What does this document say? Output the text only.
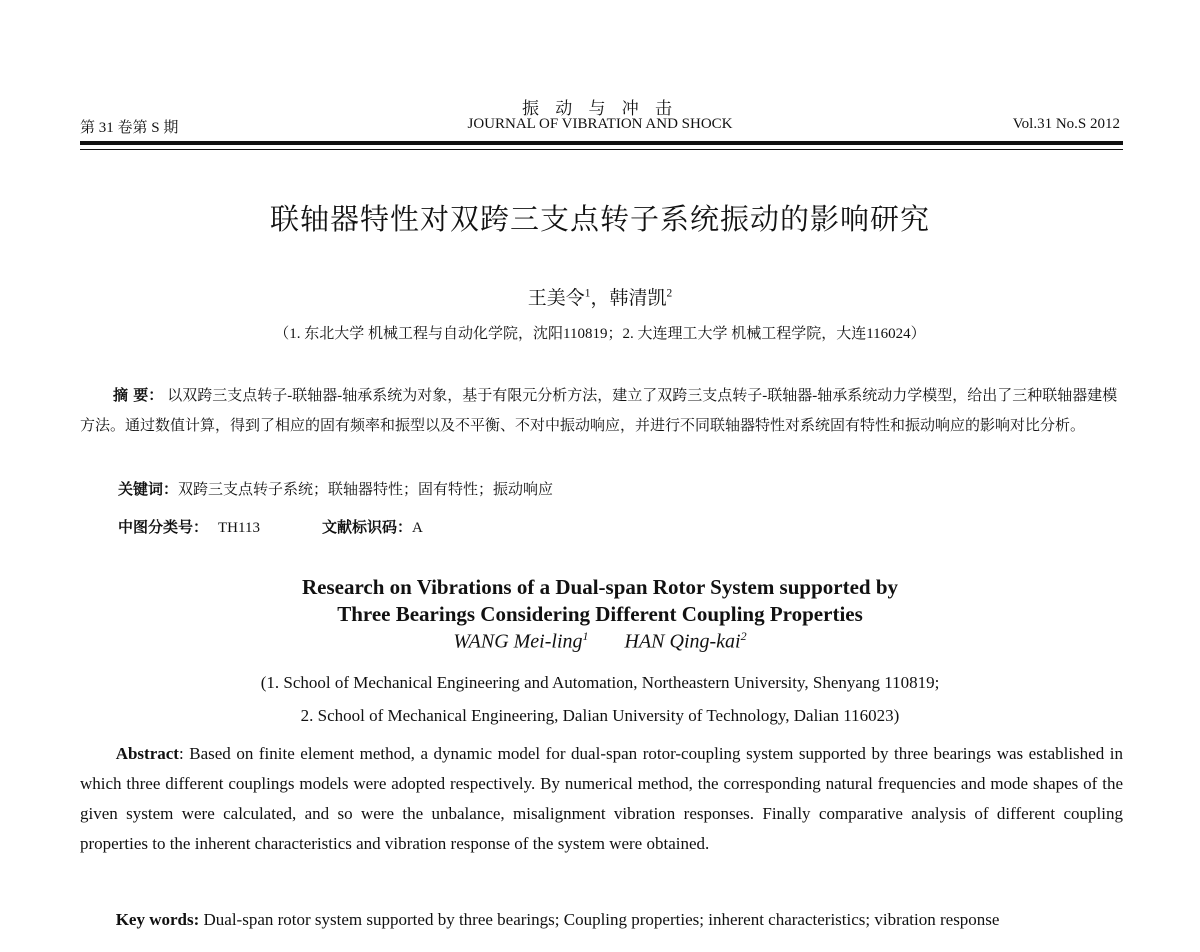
第 31 卷第 S 期
振 动 与 冲 击
JOURNAL OF VIBRATION AND SHOCK	Vol.31 No.S 2012
联轴器特性对双跨三支点转子系统振动的影响研究
王美令$^1$，韩清凯$^2$
（1. 东北大学 机械工程与自动化学院，沈阳110819；2. 大连理工大学 机械工程学院，大连116024）
摘 要： 以双跨三支点转子-联轴器-轴承系统为对象，基于有限元分析方法，建立了双跨三支点转子-联轴器-轴承系统动力学模型，给出了三种联轴器建模方法。通过数值计算，得到了相应的固有频率和振型以及不平衡、不对中振动响应，并进行不同联轴器特性对系统固有特性和振动响应的影响对比分析。
关键词：双跨三支点转子系统；联轴器特性；固有特性；振动响应
中图分类号： TH113	文献标识码：A
Research on Vibrations of a Dual-span Rotor System supported by
Three Bearings Considering Different Coupling Properties
WANG Mei-ling$^1$ HAN Qing-kai$^2$
(1. School of Mechanical Engineering and Automation, Northeastern University, Shenyang 110819;
2. School of Mechanical Engineering, Dalian University of Technology, Dalian 116023)
Abstract: Based on finite element method, a dynamic model for dual-span rotor-coupling system supported by three bearings was established in which three different couplings models were adopted respectively. By numerical method, the corresponding natural frequencies and mode shapes of the given system were calculated, and so were the unbalance, misalignment vibration responses. Finally comparative analysis of different coupling properties to the inherent characteristics and vibration response of the system were obtained.
Key words: Dual-span rotor system supported by three bearings; Coupling properties; inherent characteristics; vibration response
